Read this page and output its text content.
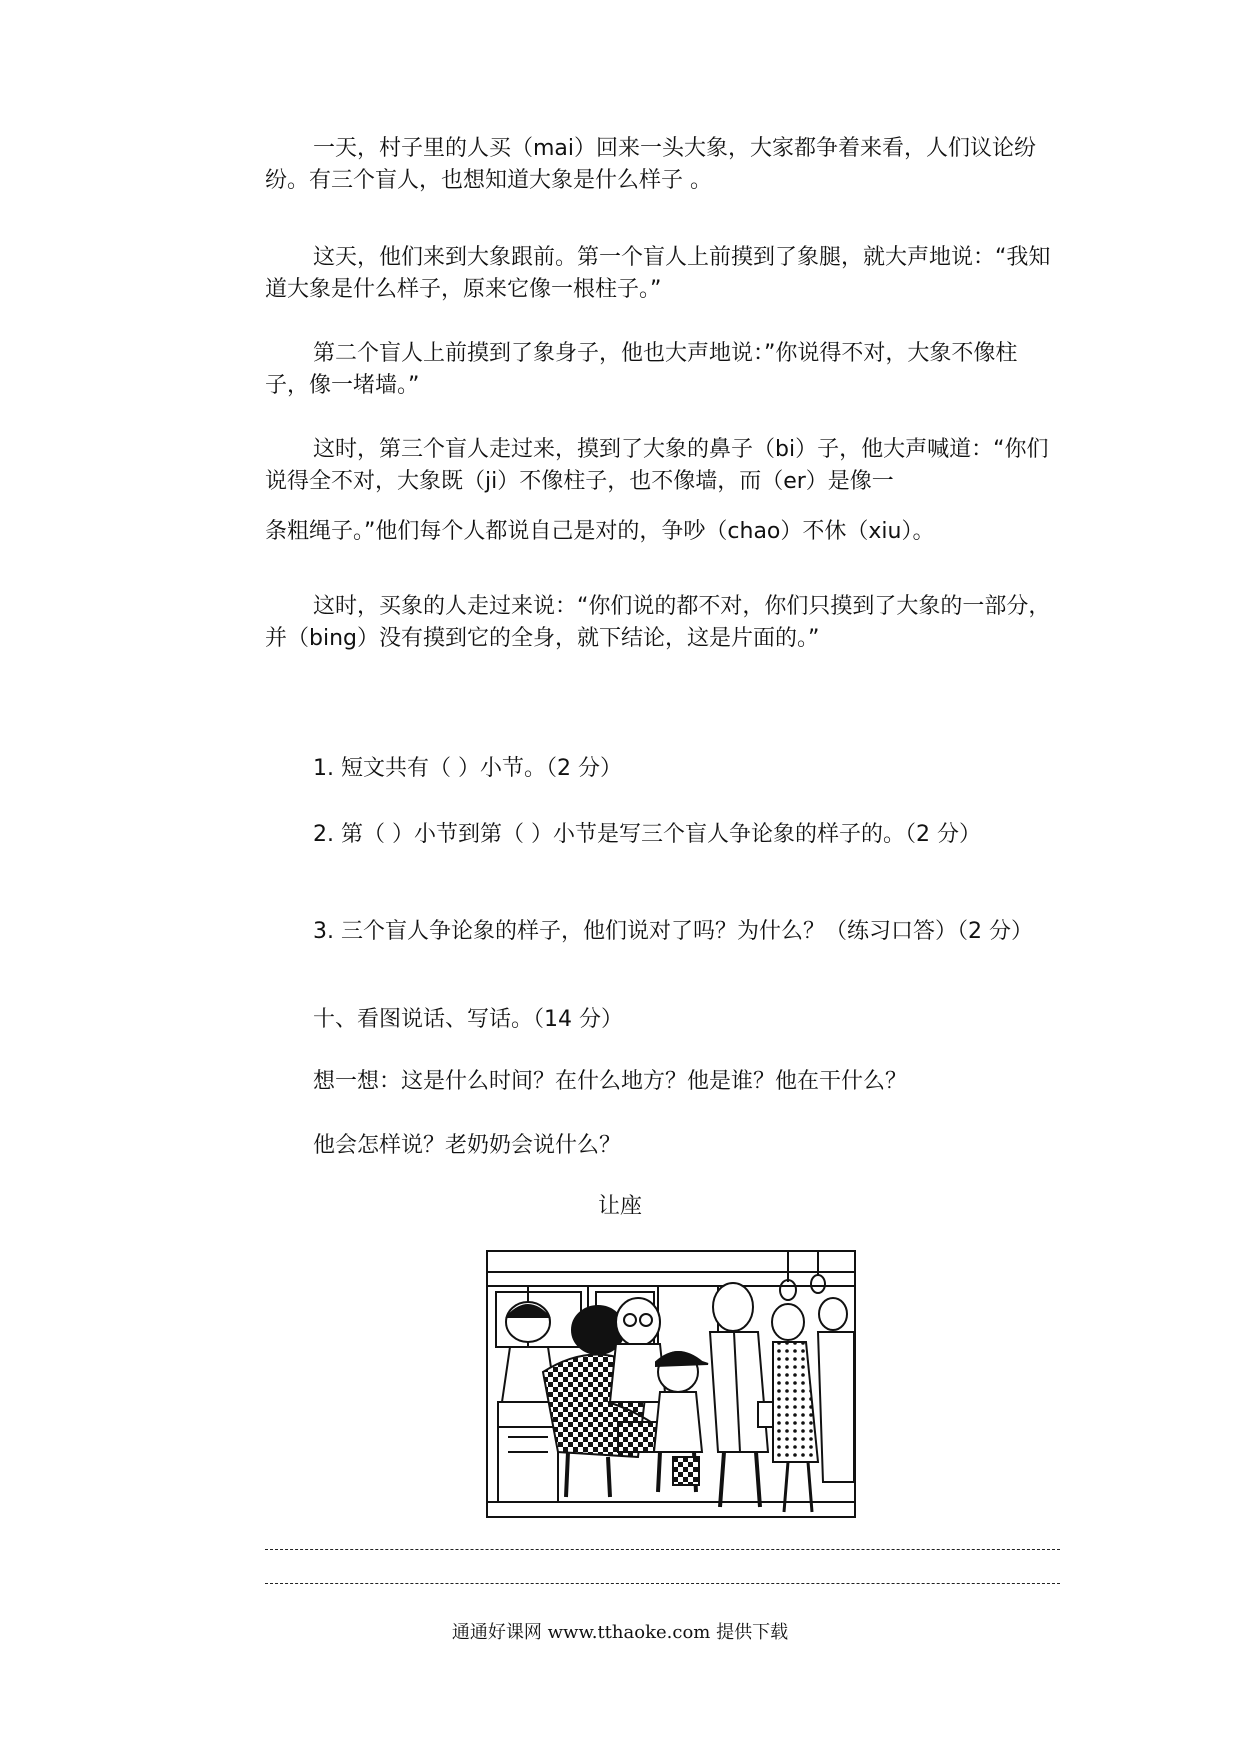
一天，村子里的人买（mai）回来一头大象，大家都争着来看，人们议论纷纷。有三个盲人，也想知道大象是什么样子 。

这天，他们来到大象跟前。第一个盲人上前摸到了象腿，就大声地说：“我知道大象是什么样子，原来它像一根柱子。”

第二个盲人上前摸到了象身子，他也大声地说：”你说得不对，大象不像柱子，像一堵墙。”

这时，第三个盲人走过来，摸到了大象的鼻子（bi）子，他大声喊道：“你们说得全不对，大象既（ji）不像柱子，也不像墙，而（er）是像一

条粗绳子。”他们每个人都说自己是对的，争吵（chao）不休（xiu）。

这时，买象的人走过来说：“你们说的都不对，你们只摸到了大象的一部分，并（bing）没有摸到它的全身，就下结论，这是片面的。”

1. 短文共有（ ）小节。（2 分）

2. 第（ ）小节到第（ ）小节是写三个盲人争论象的样子的。（2 分）

3. 三个盲人争论象的样子，他们说对了吗？为什么？（练习口答）（2 分）

十、看图说话、写话。（14 分）

想一想：这是什么时间？在什么地方？他是谁？他在干什么？

他会怎样说？老奶奶会说什么？

让座
通通好课网 www.tthaoke.com 提供下载
